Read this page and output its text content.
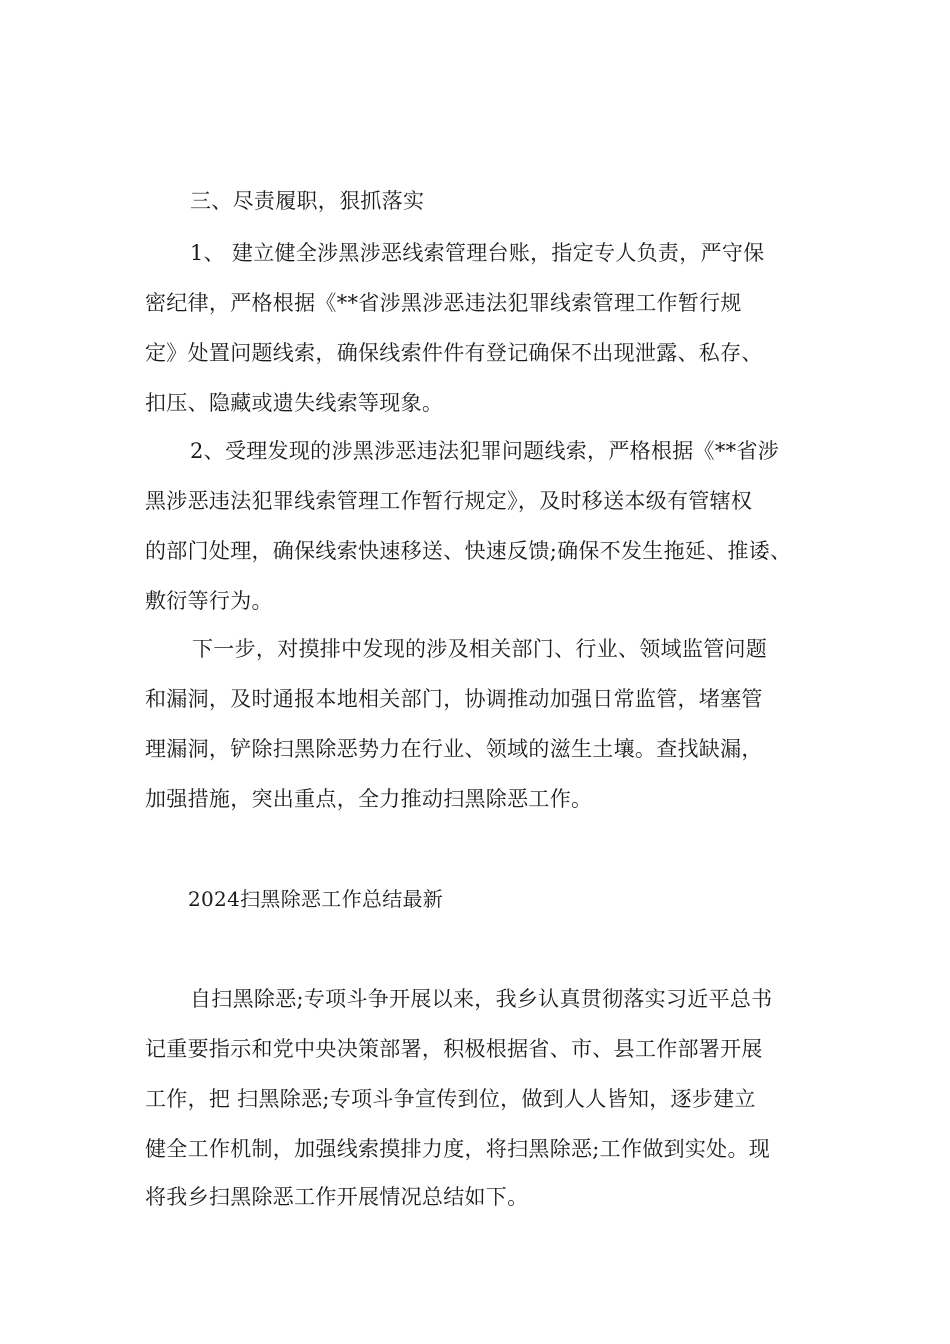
三、尽责履职，狠抓落实
1、 建立健全涉黑涉恶线索管理台账，指定专人负责，严守保
密纪律，严格根据《**省涉黑涉恶违法犯罪线索管理工作暂行规
定》处置问题线索，确保线索件件有登记确保不出现泄露、私存、
扣压、隐藏或遗失线索等现象。
2、受理发现的涉黑涉恶违法犯罪问题线索，严格根据《**省涉
黑涉恶违法犯罪线索管理工作暂行规定》，及时移送本级有管辖权
的部门处理，确保线索快速移送、快速反馈;确保不发生拖延、推诿、
敷衍等行为。
下一步，对摸排中发现的涉及相关部门、行业、领域监管问题
和漏洞，及时通报本地相关部门，协调推动加强日常监管，堵塞管
理漏洞，铲除扫黑除恶势力在行业、领域的滋生土壤。查找缺漏，
加强措施，突出重点，全力推动扫黑除恶工作。
2024扫黑除恶工作总结最新
自扫黑除恶;专项斗争开展以来，我乡认真贯彻落实习近平总书
记重要指示和党中央决策部署，积极根据省、市、县工作部署开展
工作，把 扫黑除恶;专项斗争宣传到位，做到人人皆知，逐步建立
健全工作机制，加强线索摸排力度，将扫黑除恶;工作做到实处。现
将我乡扫黑除恶工作开展情况总结如下。
